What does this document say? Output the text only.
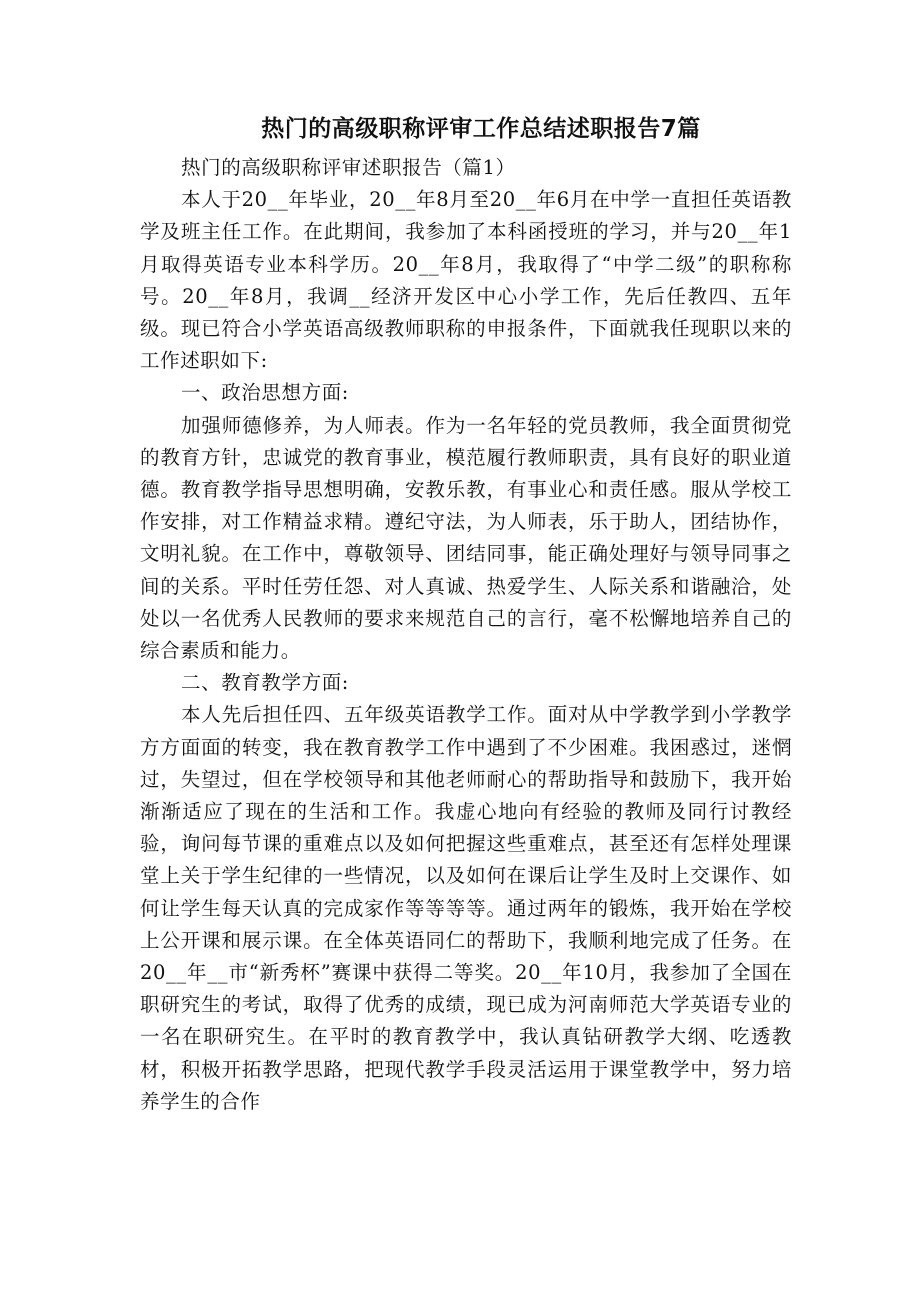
热门的高级职称评审工作总结述职报告7篇

热门的高级职称评审述职报告（篇1）

本人于20__年毕业，20__年8月至20__年6月在中学一直担任英语教学及班主任工作。在此期间，我参加了本科函授班的学习，并与20__年1月取得英语专业本科学历。20__年8月，我取得了“中学二级”的职称称号。20__年8月，我调__经济开发区中心小学工作，先后任教四、五年级。现已符合小学英语高级教师职称的申报条件，下面就我任现职以来的工作述职如下:

一、政治思想方面:

加强师德修养，为人师表。作为一名年轻的党员教师，我全面贯彻党的教育方针，忠诚党的教育事业，模范履行教师职责，具有良好的职业道德。教育教学指导思想明确，安教乐教，有事业心和责任感。服从学校工作安排，对工作精益求精。遵纪守法，为人师表，乐于助人，团结协作，文明礼貌。在工作中，尊敬领导、团结同事，能正确处理好与领导同事之间的关系。平时任劳任怨、对人真诚、热爱学生、人际关系和谐融洽，处处以一名优秀人民教师的要求来规范自己的言行，毫不松懈地培养自己的综合素质和能力。

二、教育教学方面:

本人先后担任四、五年级英语教学工作。面对从中学教学到小学教学方方面面的转变，我在教育教学工作中遇到了不少困难。我困惑过，迷惘过，失望过，但在学校领导和其他老师耐心的帮助指导和鼓励下，我开始渐渐适应了现在的生活和工作。我虚心地向有经验的教师及同行讨教经验，询问每节课的重难点以及如何把握这些重难点，甚至还有怎样处理课堂上关于学生纪律的一些情况，以及如何在课后让学生及时上交课作、如何让学生每天认真的完成家作等等等等。通过两年的锻炼，我开始在学校上公开课和展示课。在全体英语同仁的帮助下，我顺利地完成了任务。在20__年__市“新秀杯”赛课中获得二等奖。20__年10月，我参加了全国在职研究生的考试，取得了优秀的成绩，现已成为河南师范大学英语专业的一名在职研究生。在平时的教育教学中，我认真钻研教学大纲、吃透教材，积极开拓教学思路，把现代教学手段灵活运用于课堂教学中，努力培养学生的合作
